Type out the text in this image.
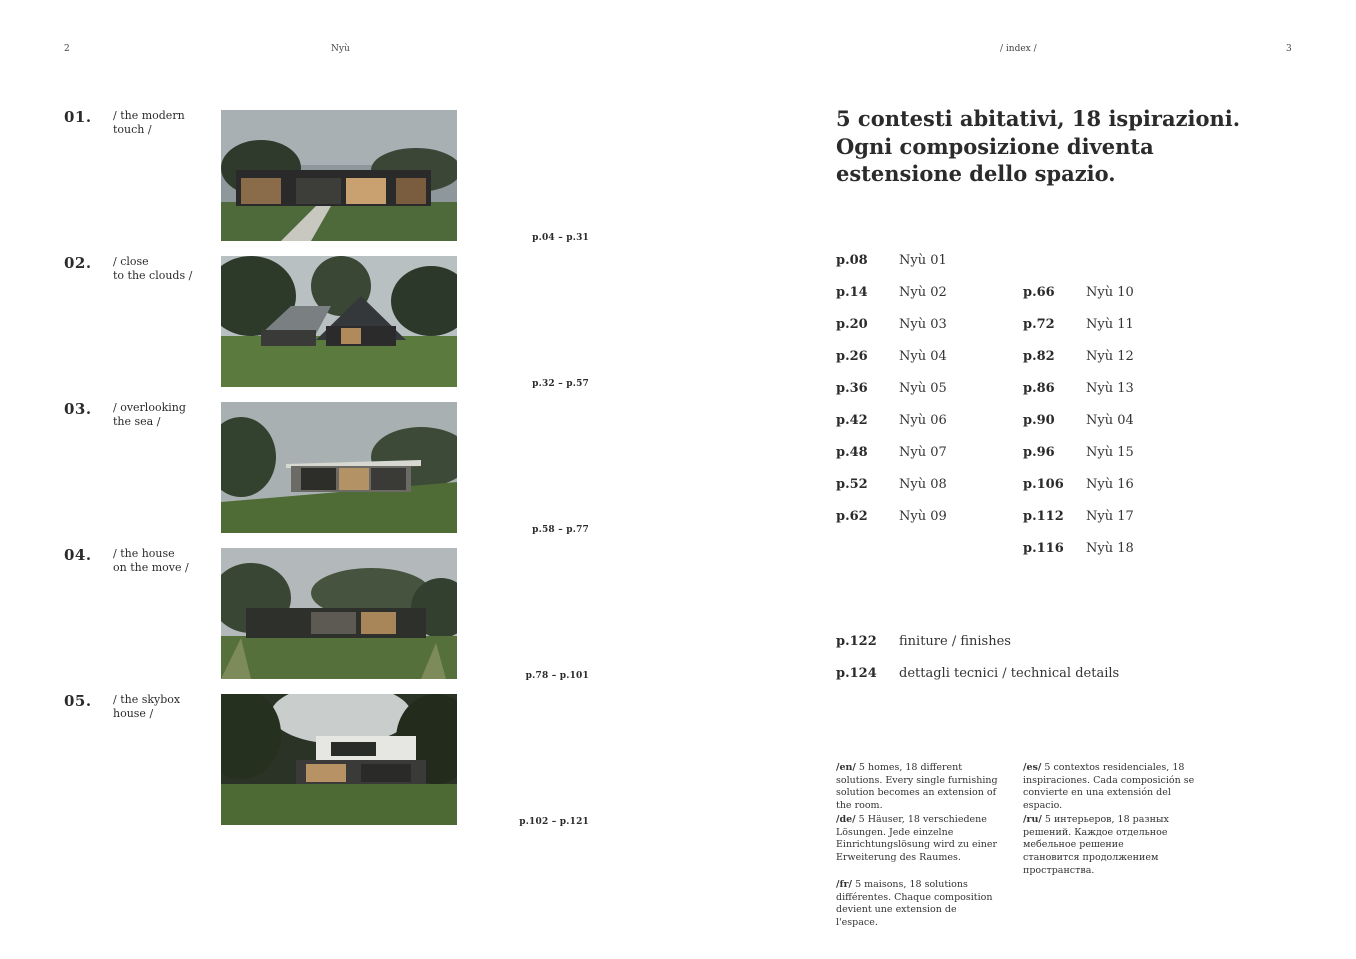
2	Nyù	/ index /	3
01. / the modern
touch /
p.04 – p.31
02. / close
to the clouds /
p.32 – p.57
03. / overlooking
the sea /
p.58 – p.77
04. / the house
on the move /
p.78 – p.101
05. / the skybox
house /
p.102 – p.121
5 contesti abitativi, 18 ispirazioni. Ogni composizione diventa estensione dello spazio.
p.08	Nyù 01
p.14	Nyù 02
p.20	Nyù 03
p.26	Nyù 04
p.36	Nyù 05
p.42	Nyù 06
p.48	Nyù 07
p.52	Nyù 08
p.62	Nyù 09
p.66	Nyù 10
p.72	Nyù 11
p.82	Nyù 12
p.86	Nyù 13
p.90	Nyù 04
p.96	Nyù 15
p.106	Nyù 16
p.112	Nyù 17
p.116	Nyù 18
p.122	finiture / finishes
p.124	dettagli tecnici / technical details
/en/ 5 homes, 18 different solutions. Every single furnishing solution becomes an extension of the room.
/es/ 5 contextos residenciales, 18 inspiraciones. Cada composición se convierte en una extensión del espacio.
/de/ 5 Häuser, 18 verschiedene Lösungen. Jede einzelne Einrichtungslösung wird zu einer Erweiterung des Raumes.
/ru/ 5 интерьеров, 18 разных решений. Каждое отдельное мебельное решение становится продолжением пространства.
/fr/ 5 maisons, 18 solutions différentes. Chaque composition devient une extension de l'espace.
